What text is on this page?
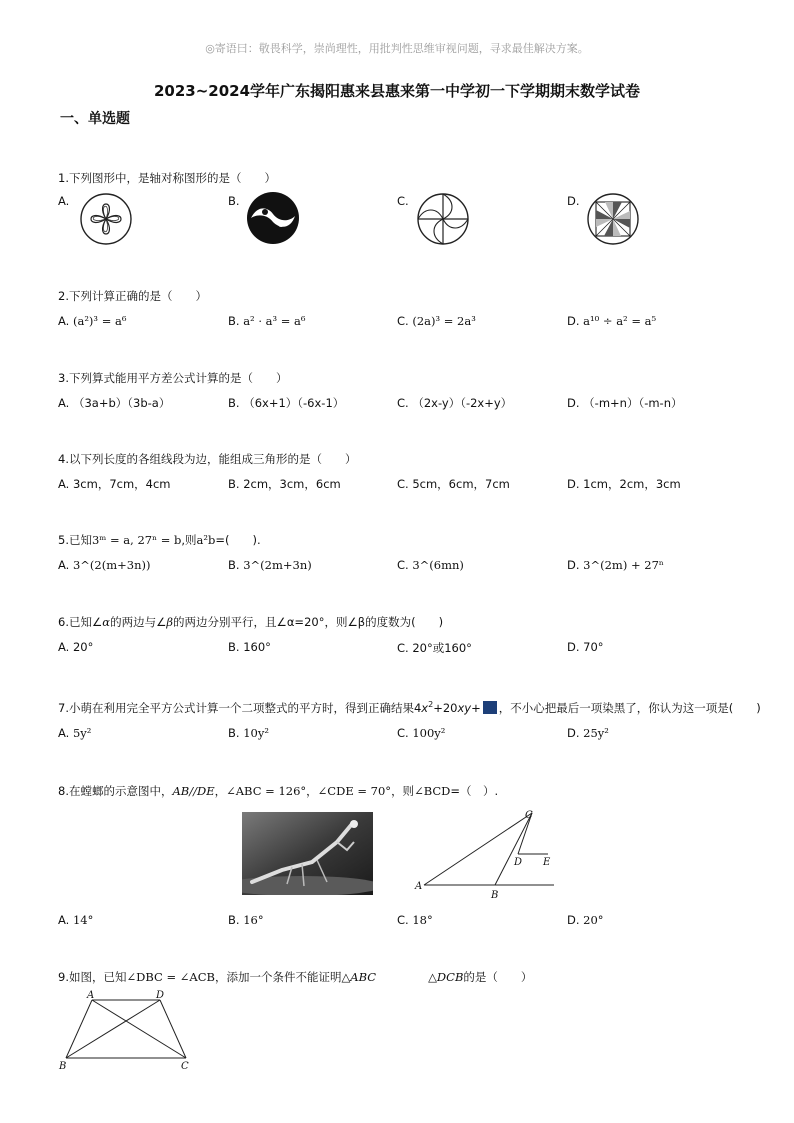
◎寄语曰：敬畏科学，崇尚理性，用批判性思维审视问题，寻求最佳解决方案。
2023~2024学年广东揭阳惠来县惠来第一中学初一下学期期末数学试卷
一、单选题
1.下列图形中，是轴对称图形的是（　　）
A.	B.	C.	D.
2.下列计算正确的是（　　）
A. (a²)³ = a⁶	B. a² · a³ = a⁶	C. (2a)³ = 2a³	D. a¹⁰ ÷ a² = a⁵
3.下列算式能用平方差公式计算的是（　　）
A. （3a+b）（3b-a）	B. （6x+1）（-6x-1）	C. （2x-y）（-2x+y）	D. （-m+n）（-m-n）
4.以下列长度的各组线段为边，能组成三角形的是（　　）
A. 3cm，7cm，4cm	B. 2cm，3cm，6cm	C. 5cm，6cm，7cm	D. 1cm，2cm，3cm
5.已知3ᵐ = a, 27ⁿ = b,则a²b=(　　).
A. 3^(2(m+3n))	B. 3^(2m+3n)	C. 3^(6mn)	D. 3^(2m) + 27ⁿ
6.已知∠α的两边与∠β的两边分别平行，且∠α=20°，则∠β的度数为(　　)
A. 20°	B. 160°	C. 20°或160°	D. 70°
7.小萌在利用完全平方公式计算一个二项整式的平方时，得到正确结果$4x^2+20xy+$ ，不小心把最后一项染黑了，你认为这一项是(　　)
A. 5y²	B. 10y²	C. 100y²	D. 25y²
8.在螳螂的示意图中，AB//DE，∠ABC = 126°，∠CDE = 70°，则∠BCD=（　）.
C
D E
A
B
A. 14°	B. 16°	C. 18°	D. 20°
9.如图，已知∠DBC = ∠ACB，添加一个条件不能证明△ABC	△DCB的是（　　）
A	D
B	C
